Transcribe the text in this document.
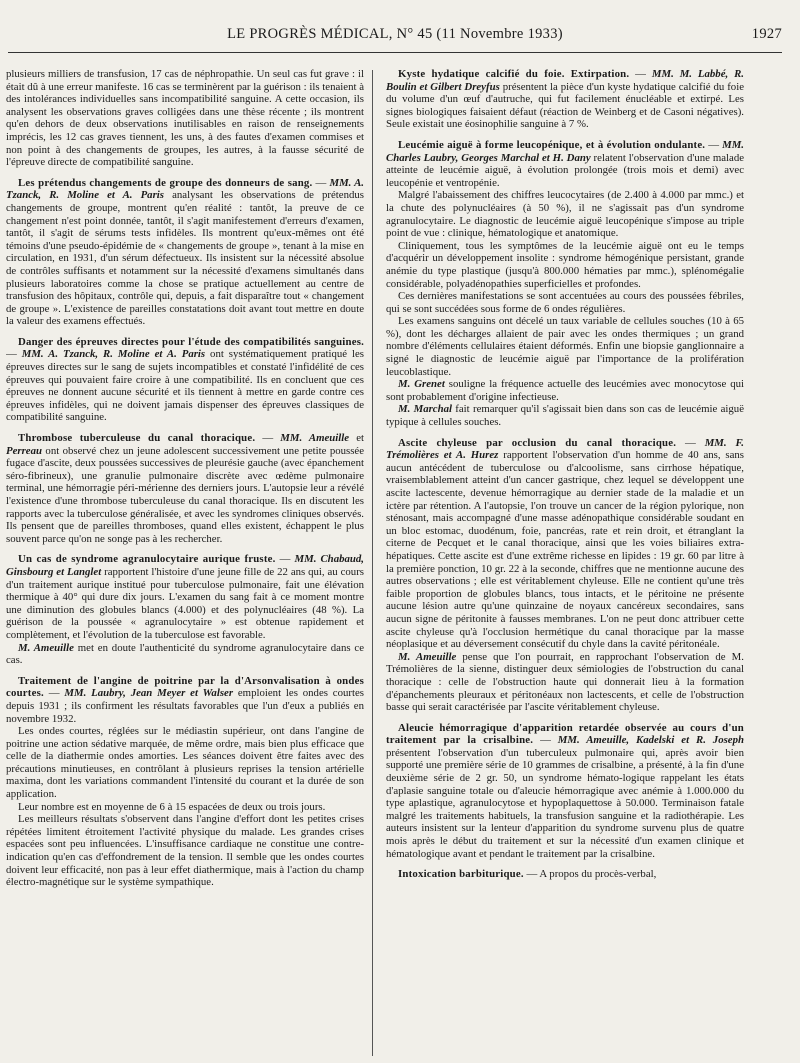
LE PROGRÈS MÉDICAL, N° 45 (11 Novembre 1933)	1927

plusieurs milliers de transfusion, 17 cas de néphropathie. Un seul cas fut grave : il était dû à une erreur manifeste. 16 cas se terminèrent par la guérison : ils tenaient à des intolérances individuelles sans incompatibilité sanguine. A cette occasion, ils analysent les observations graves colligées dans une thèse récente ; ils montrent qu'en dehors de deux observations inutilisables en raison de renseignements imprécis, les 12 cas graves tiennent, les uns, à des fautes d'examen commises et non point à des changements de groupes, les autres, à la fausse sécurité de l'épreuve directe de compatibilité sanguine.

Les prétendus changements de groupe des donneurs de sang. — MM. A. Tzanck, R. Moline et A. Paris analysant les observations de prétendus changements de groupe, montrent qu'en réalité : tantôt, la preuve de ce changement n'est point donnée, tantôt, il s'agit manifestement d'erreurs d'examen, tantôt, il s'agit de sérums tests infidèles. Ils montrent qu'eux-mêmes ont été témoins d'une pseudo-épidémie de « changements de groupe », tenant à la mise en circulation, en 1931, d'un sérum défectueux. Ils insistent sur la nécessité absolue de contrôles suffisants et notamment sur la nécessité d'examens simultanés dans plusieurs laboratoires comme la chose se pratique actuellement au centre de transfusion des hôpitaux, contrôle qui, depuis, a fait disparaître tout « changement de groupe ». L'existence de pareilles constatations doit avant tout mettre en doute la valeur des examens effectués.

Danger des épreuves directes pour l'étude des compatibilités sanguines. — MM. A. Tzanck, R. Moline et A. Paris ont systématiquement pratiqué les épreuves directes sur le sang de sujets incompatibles et constaté l'infidélité de ces épreuves qui pouvaient faire croire à une compatibilité. Ils en concluent que ces épreuves ne donnent aucune sécurité et ils tiennent à mettre en garde contre ces épreuves infidèles, qui ne doivent jamais dispenser des épreuves classiques de compatibilité sanguine.

Thrombose tuberculeuse du canal thoracique. — MM. Ameuille et Perreau ont observé chez un jeune adolescent successivement une petite poussée fugace d'ascite, deux poussées successives de pleurésie gauche (avec épanchement séro-fibrineux), une granulie pulmonaire discrète avec œdème pulmonaire terminal, une hémorragie péri-mérienne des derniers jours. L'autopsie leur a révélé l'existence d'une thrombose tuberculeuse du canal thoracique. Ils en discutent les rapports avec la tuberculose généralisée, et avec les syndromes cliniques observés. Ils pensent que de pareilles thromboses, quand elles existent, échappent le plus souvent parce qu'on ne songe pas à les rechercher.

Un cas de syndrome agranulocytaire aurique fruste. — MM. Chabaud, Ginsbourg et Langlet rapportent l'histoire d'une jeune fille de 22 ans qui, au cours d'un traitement aurique institué pour tuberculose pulmonaire, fait une élévation thermique à 40° qui dure dix jours. L'examen du sang fait à ce moment montre une diminution des globules blancs (4.000) et des polynucléaires (48 %). La guérison de la poussée « agranulocytaire » est obtenue rapidement et complètement, et l'évolution de la tuberculose est favorable.

M. Ameuille met en doute l'authenticité du syndrome agranulocytaire dans ce cas.

Traitement de l'angine de poitrine par la d'Arsonvalisation à ondes courtes. — MM. Laubry, Jean Meyer et Walser emploient les ondes courtes depuis 1931 ; ils confirment les résultats favorables que l'un d'eux a publiés en novembre 1932.

Les ondes courtes, réglées sur le médiastin supérieur, ont dans l'angine de poitrine une action sédative marquée, de même ordre, mais bien plus efficace que celle de la diathermie ondes amorties. Les séances doivent être faites avec des précautions minutieuses, en contrôlant à plusieurs reprises la tension artérielle maxima, dont les variations commandent l'intensité du courant et la durée de son application.

Leur nombre est en moyenne de 6 à 15 espacées de deux ou trois jours.

Les meilleurs résultats s'observent dans l'angine d'effort dont les petites crises répétées limitent étroitement l'activité physique du malade. Les grandes crises espacées sont peu influencées. L'insuffisance cardiaque ne constitue une contre-indication qu'en cas d'effondrement de la tension. Il semble que les ondes courtes doivent leur efficacité, non pas à leur effet diathermique, mais à l'action du champ électro-magnétique sur le système sympathique.

Kyste hydatique calcifié du foie. Extirpation. — MM. M. Labbé, R. Boulin et Gilbert Dreyfus présentent la pièce d'un kyste hydatique calcifié du foie du volume d'un œuf d'autruche, qui fut facilement énucléable et extirpé. Les signes biologiques faisaient défaut (réaction de Weinberg et de Casoni négatives). Seule existait une éosinophilie sanguine à 7 %.

Leucémie aiguë à forme leucopénique, et à évolution ondulante. — MM. Charles Laubry, Georges Marchal et H. Dany relatent l'observation d'une malade atteinte de leucémie aiguë, à évolution prolongée (trois mois et demi) avec leucopénie et ventropénie.

Malgré l'abaissement des chiffres leucocytaires (de 2.400 à 4.000 par mmc.) et la chute des polynucléaires (à 50 %), il ne s'agissait pas d'un syndrome agranulocytaire. Le diagnostic de leucémie aiguë leucopénique s'impose au triple point de vue : clinique, hématologique et anatomique.

Cliniquement, tous les symptômes de la leucémie aiguë ont eu le temps d'acquérir un développement insolite : syndrome hémogénique persistant, grande anémie du type plastique (jusqu'à 800.000 hématies par mmc.), splénomégalie considérable, polyadénopathies superficielles et profondes.

Ces dernières manifestations se sont accentuées au cours des poussées fébriles, qui se sont succédées sous forme de 6 ondes régulières.

Les examens sanguins ont décelé un taux variable de cellules souches (10 à 65 %), dont les décharges allaient de pair avec les ondes thermiques ; un grand nombre d'éléments cellulaires étaient déformés. Enfin une biopsie ganglionnaire a signé le diagnostic de leucémie aiguë par l'importance de la prolifération leucoblastique.

M. Grenet souligne la fréquence actuelle des leucémies avec monocytose qui sont probablement d'origine infectieuse.

M. Marchal fait remarquer qu'il s'agissait bien dans son cas de leucémie aiguë typique à cellules souches.

Ascite chyleuse par occlusion du canal thoracique. — MM. F. Trémolières et A. Hurez rapportent l'observation d'un homme de 40 ans, sans aucun antécédent de tuberculose ou d'alcoolisme, sans cirrhose hépatique, vraisemblablement atteint d'un cancer gastrique, chez lequel se développent une ascite lactescente, devenue hémorragique au dernier stade de la maladie et un ictère par rétention. A l'autopsie, l'on trouve un cancer de la région pylorique, non sténosant, mais accompagné d'une masse adénopathique considérable soudant en un bloc estomac, duodénum, foie, pancréas, rate et rein droit, et étranglant la citerne de Pecquet et le canal thoracique, ainsi que les voies biliaires extra-hépatiques. Cette ascite est d'une extrême richesse en lipides : 19 gr. 60 par litre à la première ponction, 10 gr. 22 à la seconde, chiffres que ne mentionne aucune des autres observations ; elle est véritablement chyleuse. Elle ne contient qu'une très faible proportion de globules blancs, tous intacts, et le péritoine ne présente aucune lésion autre qu'une quinzaine de noyaux cancéreux secondaires, sans aucun signe de péritonite à fausses membranes. L'on ne peut donc attribuer cette ascite chyleuse qu'à l'occlusion hermétique du canal thoracique par la masse néoplasique et au déversement consécutif du chyle dans la cavité péritonéale.

M. Ameuille pense que l'on pourrait, en rapprochant l'observation de M. Trémolières de la sienne, distinguer deux sémiologies de l'obstruction du canal thoracique : celle de l'obstruction haute qui donnerait lieu à la formation d'épanchements pleuraux et péritonéaux non lactescents, et celle de l'obstruction basse qui serait caractérisée par l'ascite véritablement chyleuse.

Aleucie hémorragique d'apparition retardée observée au cours d'un traitement par la crisalbine. — MM. Ameuille, Kadelski et R. Joseph présentent l'observation d'un tuberculeux pulmonaire qui, après avoir bien supporté une première série de 10 grammes de crisalbine, a présenté, à la fin d'une deuxième série de 2 gr. 50, un syndrome hémato-logique rappelant les états d'aplasie sanguine totale ou d'aleucie hémorragique avec anémie à 1.000.000 du type aplastique, agranulocytose et hypoplaquettose à 50.000. Terminaison fatale malgré les traitements habituels, la transfusion sanguine et la radiothérapie. Les auteurs insistent sur la lenteur d'apparition du syndrome survenu plus de quatre mois après le début du traitement et sur la nécessité d'un examen clinique et hématologique avant et pendant le traitement par la crisalbine.

Intoxication barbiturique. — A propos du procès-verbal,
